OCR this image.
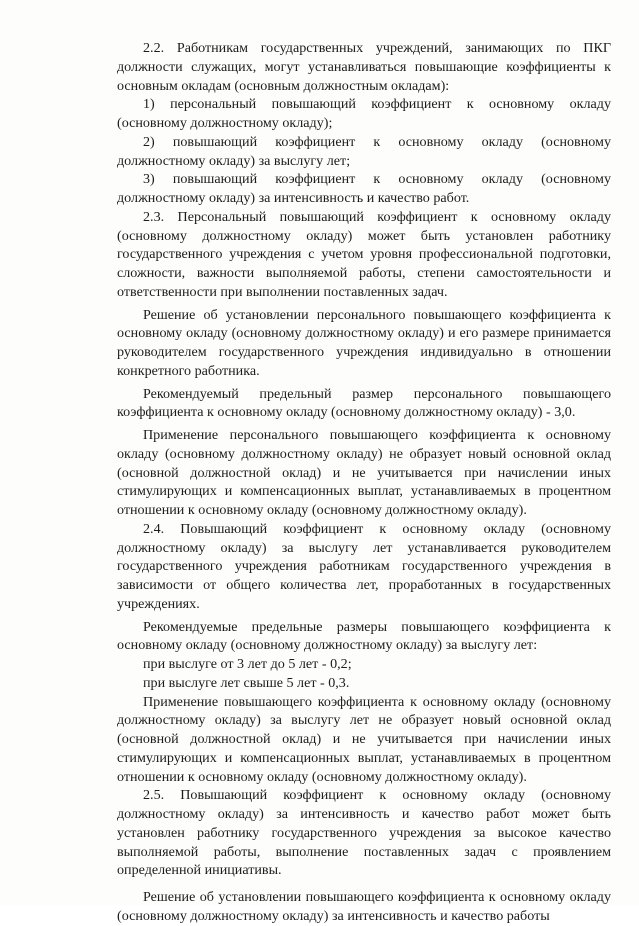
2.2. Работникам государственных учреждений, занимающих по ПКГ должности служащих, могут устанавливаться повышающие коэффициенты к основным окладам (основным должностным окладам):

1) персональный повышающий коэффициент к основному окладу (основному должностному окладу);

2) повышающий коэффициент к основному окладу (основному должностному окладу) за выслугу лет;

3) повышающий коэффициент к основному окладу (основному должностному окладу) за интенсивность и качество работ.

2.3. Персональный повышающий коэффициент к основному окладу (основному должностному окладу) может быть установлен работнику государственного учреждения с учетом уровня профессиональной подготовки, сложности, важности выполняемой работы, степени самостоятельности и ответственности при выполнении поставленных задач.

Решение об установлении персонального повышающего коэффициента к основному окладу (основному должностному окладу) и его размере принимается руководителем государственного учреждения индивидуально в отношении конкретного работника.

Рекомендуемый предельный размер персонального повышающего коэффициента к основному окладу (основному должностному окладу) - 3,0.

Применение персонального повышающего коэффициента к основному окладу (основному должностному окладу) не образует новый основной оклад (основной должностной оклад) и не учитывается при начислении иных стимулирующих и компенсационных выплат, устанавливаемых в процентном отношении к основному окладу (основному должностному окладу).

2.4. Повышающий коэффициент к основному окладу (основному должностному окладу) за выслугу лет устанавливается руководителем государственного учреждения работникам государственного учреждения в зависимости от общего количества лет, проработанных в государственных учреждениях.

Рекомендуемые предельные размеры повышающего коэффициента к основному окладу (основному должностному окладу) за выслугу лет:

при выслуге от 3 лет до 5 лет - 0,2;

при выслуге лет свыше 5 лет - 0,3.

Применение повышающего коэффициента к основному окладу (основному должностному окладу) за выслугу лет не образует новый основной оклад (основной должностной оклад) и не учитывается при начислении иных стимулирующих и компенсационных выплат, устанавливаемых в процентном отношении к основному окладу (основному должностному окладу).

2.5. Повышающий коэффициент к основному окладу (основному должностному окладу) за интенсивность и качество работ может быть установлен работнику государственного учреждения за высокое качество выполняемой работы, выполнение поставленных задач с проявлением определенной инициативы.

Решение об установлении повышающего коэффициента к основному окладу (основному должностному окладу) за интенсивность и качество работы
